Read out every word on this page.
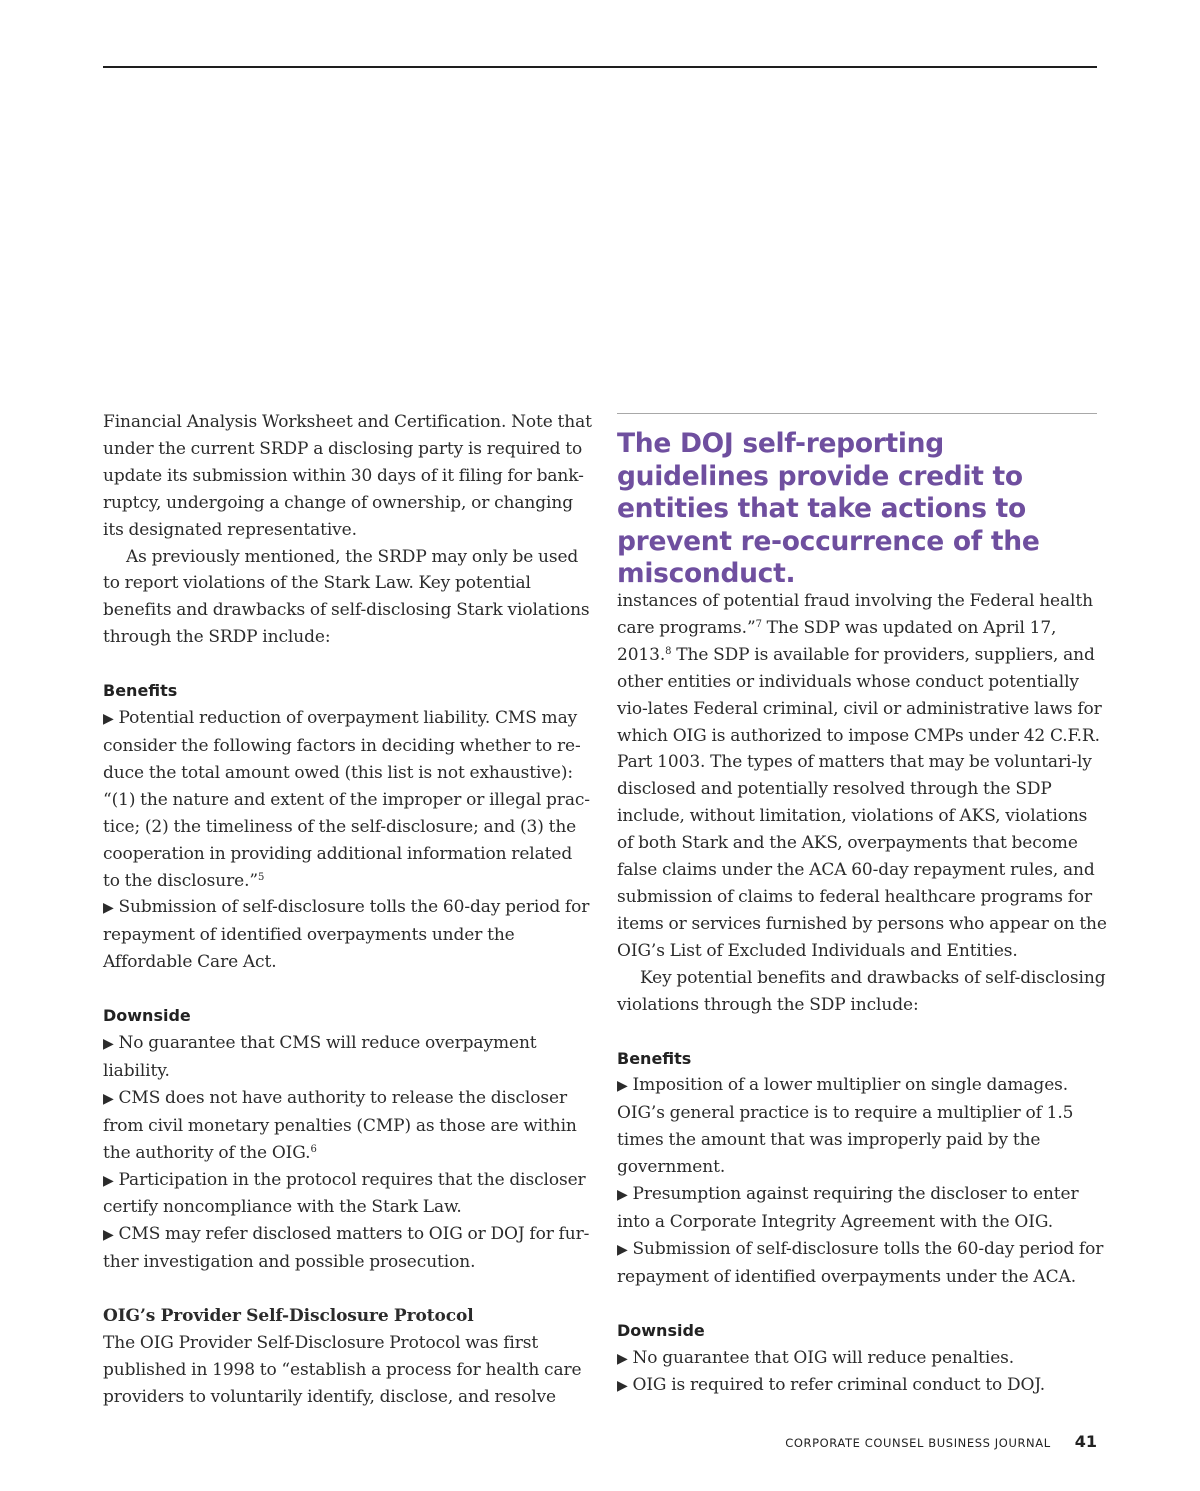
Financial Analysis Worksheet and Certification. Note that under the current SRDP a disclosing party is required to update its submission within 30 days of it filing for bank-ruptcy, undergoing a change of ownership, or changing its designated representative.

As previously mentioned, the SRDP may only be used to report violations of the Stark Law. Key potential benefits and drawbacks of self-disclosing Stark violations through the SRDP include:

Benefits

▶ Potential reduction of overpayment liability. CMS may consider the following factors in deciding whether to re-duce the total amount owed (this list is not exhaustive): “(1) the nature and extent of the improper or illegal prac-tice; (2) the timeliness of the self-disclosure; and (3) the cooperation in providing additional information related to the disclosure.”$^5$

▶ Submission of self-disclosure tolls the 60-day period for repayment of identified overpayments under the Affordable Care Act.

Downside

▶ No guarantee that CMS will reduce overpayment liability.

▶ CMS does not have authority to release the discloser from civil monetary penalties (CMP) as those are within the authority of the OIG.$^6$

▶ Participation in the protocol requires that the discloser certify noncompliance with the Stark Law.

▶ CMS may refer disclosed matters to OIG or DOJ for fur-ther investigation and possible prosecution.

OIG’s Provider Self-Disclosure Protocol

The OIG Provider Self-Disclosure Protocol was first published in 1998 to “establish a process for health care providers to voluntarily identify, disclose, and resolve

The DOJ self-reporting guidelines provide credit to entities that take actions to prevent re-occurrence of the misconduct.

instances of potential fraud involving the Federal health care programs.”$^7$ The SDP was updated on April 17, 2013.$^8$ The SDP is available for providers, suppliers, and other entities or individuals whose conduct potentially vio-lates Federal criminal, civil or administrative laws for which OIG is authorized to impose CMPs under 42 C.F.R. Part 1003. The types of matters that may be voluntari-ly disclosed and potentially resolved through the SDP include, without limitation, violations of AKS, violations of both Stark and the AKS, overpayments that become false claims under the ACA 60-day repayment rules, and submission of claims to federal healthcare programs for items or services furnished by persons who appear on the OIG’s List of Excluded Individuals and Entities.

Key potential benefits and drawbacks of self-disclosing violations through the SDP include:

Benefits

▶ Imposition of a lower multiplier on single damages. OIG’s general practice is to require a multiplier of 1.5 times the amount that was improperly paid by the government.

▶ Presumption against requiring the discloser to enter into a Corporate Integrity Agreement with the OIG.

▶ Submission of self-disclosure tolls the 60-day period for repayment of identified overpayments under the ACA.

Downside

▶ No guarantee that OIG will reduce penalties.

▶ OIG is required to refer criminal conduct to DOJ.

CORPORATE COUNSEL BUSINESS JOURNAL 41
